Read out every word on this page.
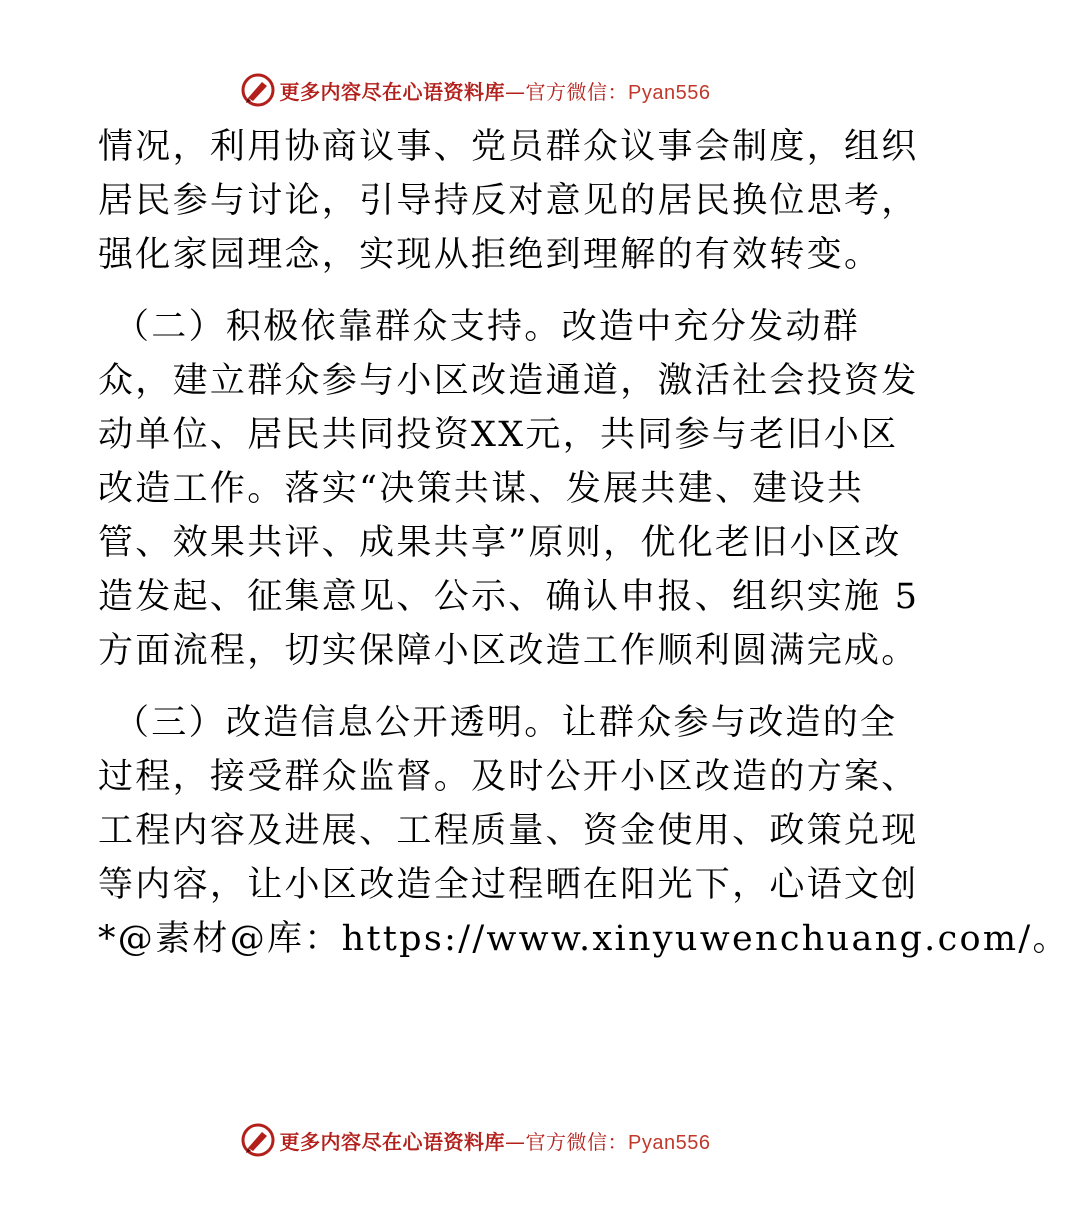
更多内容尽在心语资料库—官方微信：Pyan556
情况，利用协商议事、党员群众议事会制度，组织
居民参与讨论，引导持反对意见的居民换位思考，
强化家园理念，实现从拒绝到理解的有效转变。
（二）积极依靠群众支持。改造中充分发动群
众，建立群众参与小区改造通道，激活社会投资发
动单位、居民共同投资XX元，共同参与老旧小区
改造工作。落实“决策共谋、发展共建、建设共
管、效果共评、成果共享”原则，优化老旧小区改
造发起、征集意见、公示、确认申报、组织实施 5
方面流程，切实保障小区改造工作顺利圆满完成。
（三）改造信息公开透明。让群众参与改造的全
过程，接受群众监督。及时公开小区改造的方案、
工程内容及进展、工程质量、资金使用、政策兑现
等内容，让小区改造全过程晒在阳光下，心语文创
*@素材@库：https://www.xinyuwenchuang.com/。
更多内容尽在心语资料库—官方微信：Pyan556
